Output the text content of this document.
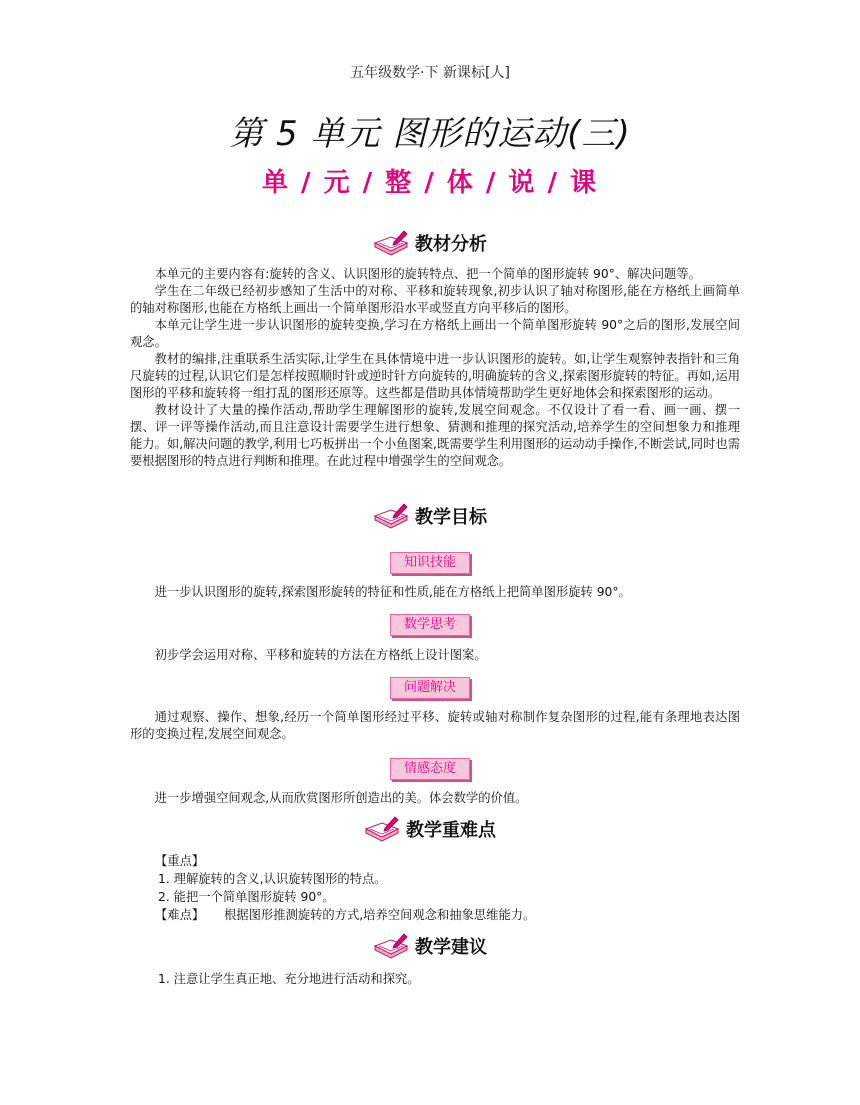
五年级数学·下 新课标[人]
第 5 单元 图形的运动(三)
单 / 元 / 整 / 体 / 说 / 课
教材分析

本单元的主要内容有:旋转的含义、认识图形的旋转特点、把一个简单的图形旋转 90°、解决问题等。

学生在二年级已经初步感知了生活中的对称、平移和旋转现象,初步认识了轴对称图形,能在方格纸上画简单的轴对称图形,也能在方格纸上画出一个简单图形沿水平或竖直方向平移后的图形。

本单元让学生进一步认识图形的旋转变换,学习在方格纸上画出一个简单图形旋转 90°之后的图形,发展空间观念。

教材的编排,注重联系生活实际,让学生在具体情境中进一步认识图形的旋转。如,让学生观察钟表指针和三角尺旋转的过程,认识它们是怎样按照顺时针或逆时针方向旋转的,明确旋转的含义,探索图形旋转的特征。再如,运用图形的平移和旋转将一组打乱的图形还原等。这些都是借助具体情境帮助学生更好地体会和探索图形的运动。

教材设计了大量的操作活动,帮助学生理解图形的旋转,发展空间观念。不仅设计了看一看、画一画、摆一摆、评一评等操作活动,而且注意设计需要学生进行想象、猜测和推理的探究活动,培养学生的空间想象力和推理能力。如,解决问题的教学,利用七巧板拼出一个小鱼图案,既需要学生利用图形的运动动手操作,不断尝试,同时也需要根据图形的特点进行判断和推理。在此过程中增强学生的空间观念。

教学目标
知识技能

进一步认识图形的旋转,探索图形旋转的特征和性质,能在方格纸上把简单图形旋转 90°。

数学思考

初步学会运用对称、平移和旋转的方法在方格纸上设计图案。

问题解决

通过观察、操作、想象,经历一个简单图形经过平移、旋转或轴对称制作复杂图形的过程,能有条理地表达图形的变换过程,发展空间观念。

情感态度

进一步增强空间观念,从而欣赏图形所创造出的美。体会数学的价值。

教学重难点
【重点】
1. 理解旋转的含义,认识旋转图形的特点。
2. 能把一个简单图形旋转 90°。
【难点】 根据图形推测旋转的方式,培养空间观念和抽象思维能力。
教学建议
1. 注意让学生真正地、充分地进行活动和探究。
